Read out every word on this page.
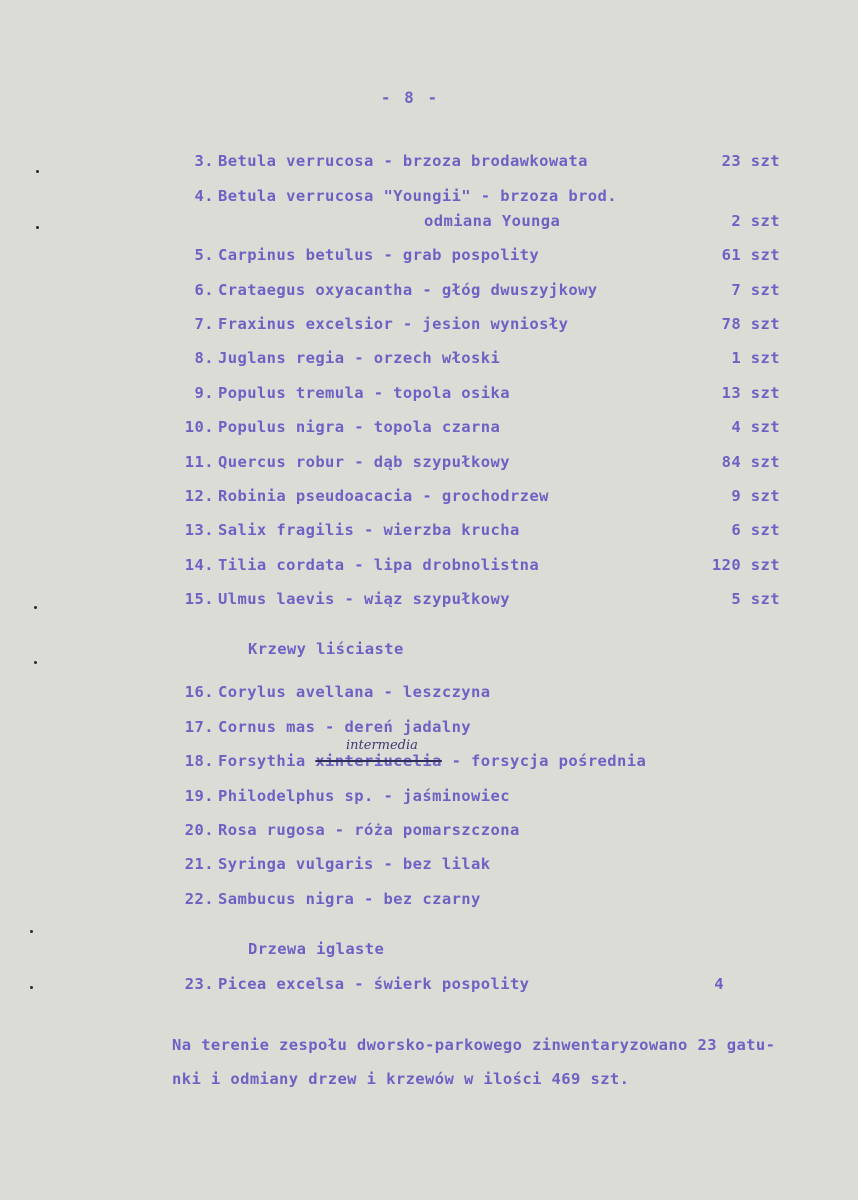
- 8 -
3. Betula verrucosa - brzoza brodawkowata	23 szt
4. Betula verrucosa "Youngii" - brzoza brod.
odmiana Younga	2 szt
5. Carpinus betulus - grab pospolity	61 szt
6. Crataegus oxyacantha - głóg dwuszyjkowy	7 szt
7. Fraxinus excelsior - jesion wyniosły	78 szt
8. Juglans regia - orzech włoski	1 szt
9. Populus tremula - topola osika	13 szt
10. Populus nigra - topola czarna	4 szt
11. Quercus robur - dąb szypułkowy	84 szt
12. Robinia pseudoacacia - grochodrzew	9 szt
13. Salix fragilis - wierzba krucha	6 szt
14. Tilia cordata - lipa drobnolistna	120 szt
15. Ulmus laevis - wiąz szypułkowy	5 szt
Krzewy liściaste
16. Corylus avellana - leszczyna
17. Cornus mas - dereń jadalny
intermedia
18. Forsythia xinteriucelia - forsycja pośrednia
19. Philodelphus sp. - jaśminowiec
20. Rosa rugosa - róża pomarszczona
21. Syringa vulgaris - bez lilak
22. Sambucus nigra - bez czarny
Drzewa iglaste
23. Picea excelsa - świerk pospolity	4
Na terenie zespołu dworsko-parkowego zinwentaryzowano 23 gatu-
nki i odmiany drzew i krzewów w ilości 469 szt.
